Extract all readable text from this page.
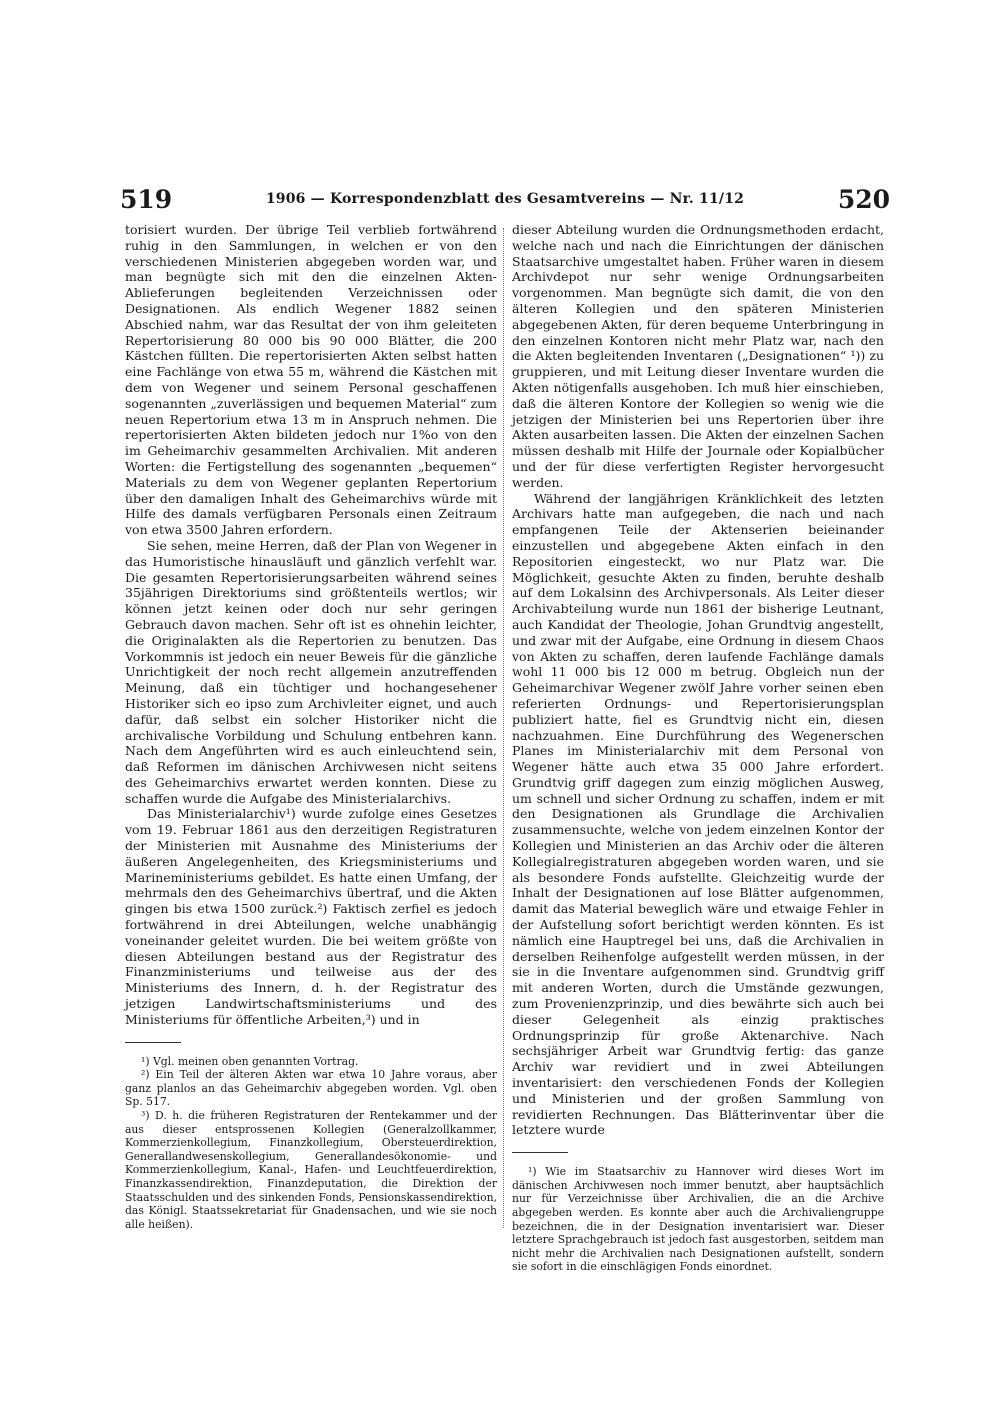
519	1906 — Korrespondenzblatt des Gesamtvereins — Nr. 11/12	520

torisiert wurden. Der übrige Teil verblieb fortwährend ruhig in den Sammlungen, in welchen er von den verschiedenen Ministerien abgegeben worden war, und man begnügte sich mit den die einzelnen Akten-Ablieferungen begleitenden Verzeichnissen oder Designationen. Als endlich Wegener 1882 seinen Abschied nahm, war das Resultat der von ihm geleiteten Repertorisierung 80 000 bis 90 000 Blätter, die 200 Kästchen füllten. Die repertorisierten Akten selbst hatten eine Fachlänge von etwa 55 m, während die Kästchen mit dem von Wegener und seinem Personal geschaffenen sogenannten „zuverlässigen und bequemen Material“ zum neuen Repertorium etwa 13 m in Anspruch nehmen. Die repertorisierten Akten bildeten jedoch nur 1%o von den im Geheimarchiv gesammelten Archivalien. Mit anderen Worten: die Fertigstellung des sogenannten „bequemen“ Materials zu dem von Wegener geplanten Repertorium über den damaligen Inhalt des Geheimarchivs würde mit Hilfe des damals verfügbaren Personals einen Zeitraum von etwa 3500 Jahren erfordern.

Sie sehen, meine Herren, daß der Plan von Wegener in das Humoristische hinausläuft und gänzlich verfehlt war. Die gesamten Repertorisierungsarbeiten während seines 35jährigen Direktoriums sind größtenteils wertlos; wir können jetzt keinen oder doch nur sehr geringen Gebrauch davon machen. Sehr oft ist es ohnehin leichter, die Originalakten als die Repertorien zu benutzen. Das Vorkommnis ist jedoch ein neuer Beweis für die gänzliche Unrichtigkeit der noch recht allgemein anzutreffenden Meinung, daß ein tüchtiger und hochangesehener Historiker sich eo ipso zum Archivleiter eignet, und auch dafür, daß selbst ein solcher Historiker nicht die archivalische Vorbildung und Schulung entbehren kann. Nach dem Angeführten wird es auch einleuchtend sein, daß Reformen im dänischen Archivwesen nicht seitens des Geheimarchivs erwartet werden konnten. Diese zu schaffen wurde die Aufgabe des Ministerialarchivs.

Das Ministerialarchiv¹) wurde zufolge eines Gesetzes vom 19. Februar 1861 aus den derzeitigen Registraturen der Ministerien mit Ausnahme des Ministeriums der äußeren Angelegenheiten, des Kriegsministeriums und Marineministeriums gebildet. Es hatte einen Umfang, der mehrmals den des Geheimarchivs übertraf, und die Akten gingen bis etwa 1500 zurück.²) Faktisch zerfiel es jedoch fortwährend in drei Abteilungen, welche unabhängig voneinander geleitet wurden. Die bei weitem größte von diesen Abteilungen bestand aus der Registratur des Finanzministeriums und teilweise aus der des Ministeriums des Innern, d. h. der Registratur des jetzigen Landwirtschaftsministeriums und des Ministeriums für öffentliche Arbeiten,³) und in

¹) Vgl. meinen oben genannten Vortrag.

²) Ein Teil der älteren Akten war etwa 10 Jahre voraus, aber ganz planlos an das Geheimarchiv abgegeben worden. Vgl. oben Sp. 517.

³) D. h. die früheren Registraturen der Rentekammer und der aus dieser entsprossenen Kollegien (Generalzollkammer, Kommerzienkollegium, Finanzkollegium, Obersteuerdirektion, Generallandwesenskollegium, Generallandesökonomie- und Kommerzienkollegium, Kanal-, Hafen- und Leuchtfeuerdirektion, Finanzkassendirektion, Finanzdeputation, die Direktion der Staatsschulden und des sinkenden Fonds, Pensionskassendirektion, das Königl. Staatssekretariat für Gnadensachen, und wie sie noch alle heißen).

dieser Abteilung wurden die Ordnungsmethoden erdacht, welche nach und nach die Einrichtungen der dänischen Staatsarchive umgestaltet haben. Früher waren in diesem Archivdepot nur sehr wenige Ordnungsarbeiten vorgenommen. Man begnügte sich damit, die von den älteren Kollegien und den späteren Ministerien abgegebenen Akten, für deren bequeme Unterbringung in den einzelnen Kontoren nicht mehr Platz war, nach den die Akten begleitenden Inventaren („Designationen“ ¹)) zu gruppieren, und mit Leitung dieser Inventare wurden die Akten nötigenfalls ausgehoben. Ich muß hier einschieben, daß die älteren Kontore der Kollegien so wenig wie die jetzigen der Ministerien bei uns Repertorien über ihre Akten ausarbeiten lassen. Die Akten der einzelnen Sachen müssen deshalb mit Hilfe der Journale oder Kopialbücher und der für diese verfertigten Register hervorgesucht werden.

Während der langjährigen Kränklichkeit des letzten Archivars hatte man aufgegeben, die nach und nach empfangenen Teile der Aktenserien beieinander einzustellen und abgegebene Akten einfach in den Repositorien eingesteckt, wo nur Platz war. Die Möglichkeit, gesuchte Akten zu finden, beruhte deshalb auf dem Lokalsinn des Archivpersonals. Als Leiter dieser Archivabteilung wurde nun 1861 der bisherige Leutnant, auch Kandidat der Theologie, Johan Grundtvig angestellt, und zwar mit der Aufgabe, eine Ordnung in diesem Chaos von Akten zu schaffen, deren laufende Fachlänge damals wohl 11 000 bis 12 000 m betrug. Obgleich nun der Geheimarchivar Wegener zwölf Jahre vorher seinen eben referierten Ordnungs- und Repertorisierungsplan publiziert hatte, fiel es Grundtvig nicht ein, diesen nachzuahmen. Eine Durchführung des Wegenerschen Planes im Ministerialarchiv mit dem Personal von Wegener hätte auch etwa 35 000 Jahre erfordert. Grundtvig griff dagegen zum einzig möglichen Ausweg, um schnell und sicher Ordnung zu schaffen, indem er mit den Designationen als Grundlage die Archivalien zusammensuchte, welche von jedem einzelnen Kontor der Kollegien und Ministerien an das Archiv oder die älteren Kollegialregistraturen abgegeben worden waren, und sie als besondere Fonds aufstellte. Gleichzeitig wurde der Inhalt der Designationen auf lose Blätter aufgenommen, damit das Material beweglich wäre und etwaige Fehler in der Aufstellung sofort berichtigt werden könnten. Es ist nämlich eine Hauptregel bei uns, daß die Archivalien in derselben Reihenfolge aufgestellt werden müssen, in der sie in die Inventare aufgenommen sind. Grundtvig griff mit anderen Worten, durch die Umstände gezwungen, zum Provenienzprinzip, und dies bewährte sich auch bei dieser Gelegenheit als einzig praktisches Ordnungsprinzip für große Aktenarchive. Nach sechsjähriger Arbeit war Grundtvig fertig: das ganze Archiv war revidiert und in zwei Abteilungen inventarisiert: den verschiedenen Fonds der Kollegien und Ministerien und der großen Sammlung von revidierten Rechnungen. Das Blätterinventar über die letztere wurde

¹) Wie im Staatsarchiv zu Hannover wird dieses Wort im dänischen Archivwesen noch immer benutzt, aber hauptsächlich nur für Verzeichnisse über Archivalien, die an die Archive abgegeben werden. Es konnte aber auch die Archivaliengruppe bezeichnen, die in der Designation inventarisiert war. Dieser letztere Sprachgebrauch ist jedoch fast ausgestorben, seitdem man nicht mehr die Archivalien nach Designationen aufstellt, sondern sie sofort in die einschlägigen Fonds einordnet.
